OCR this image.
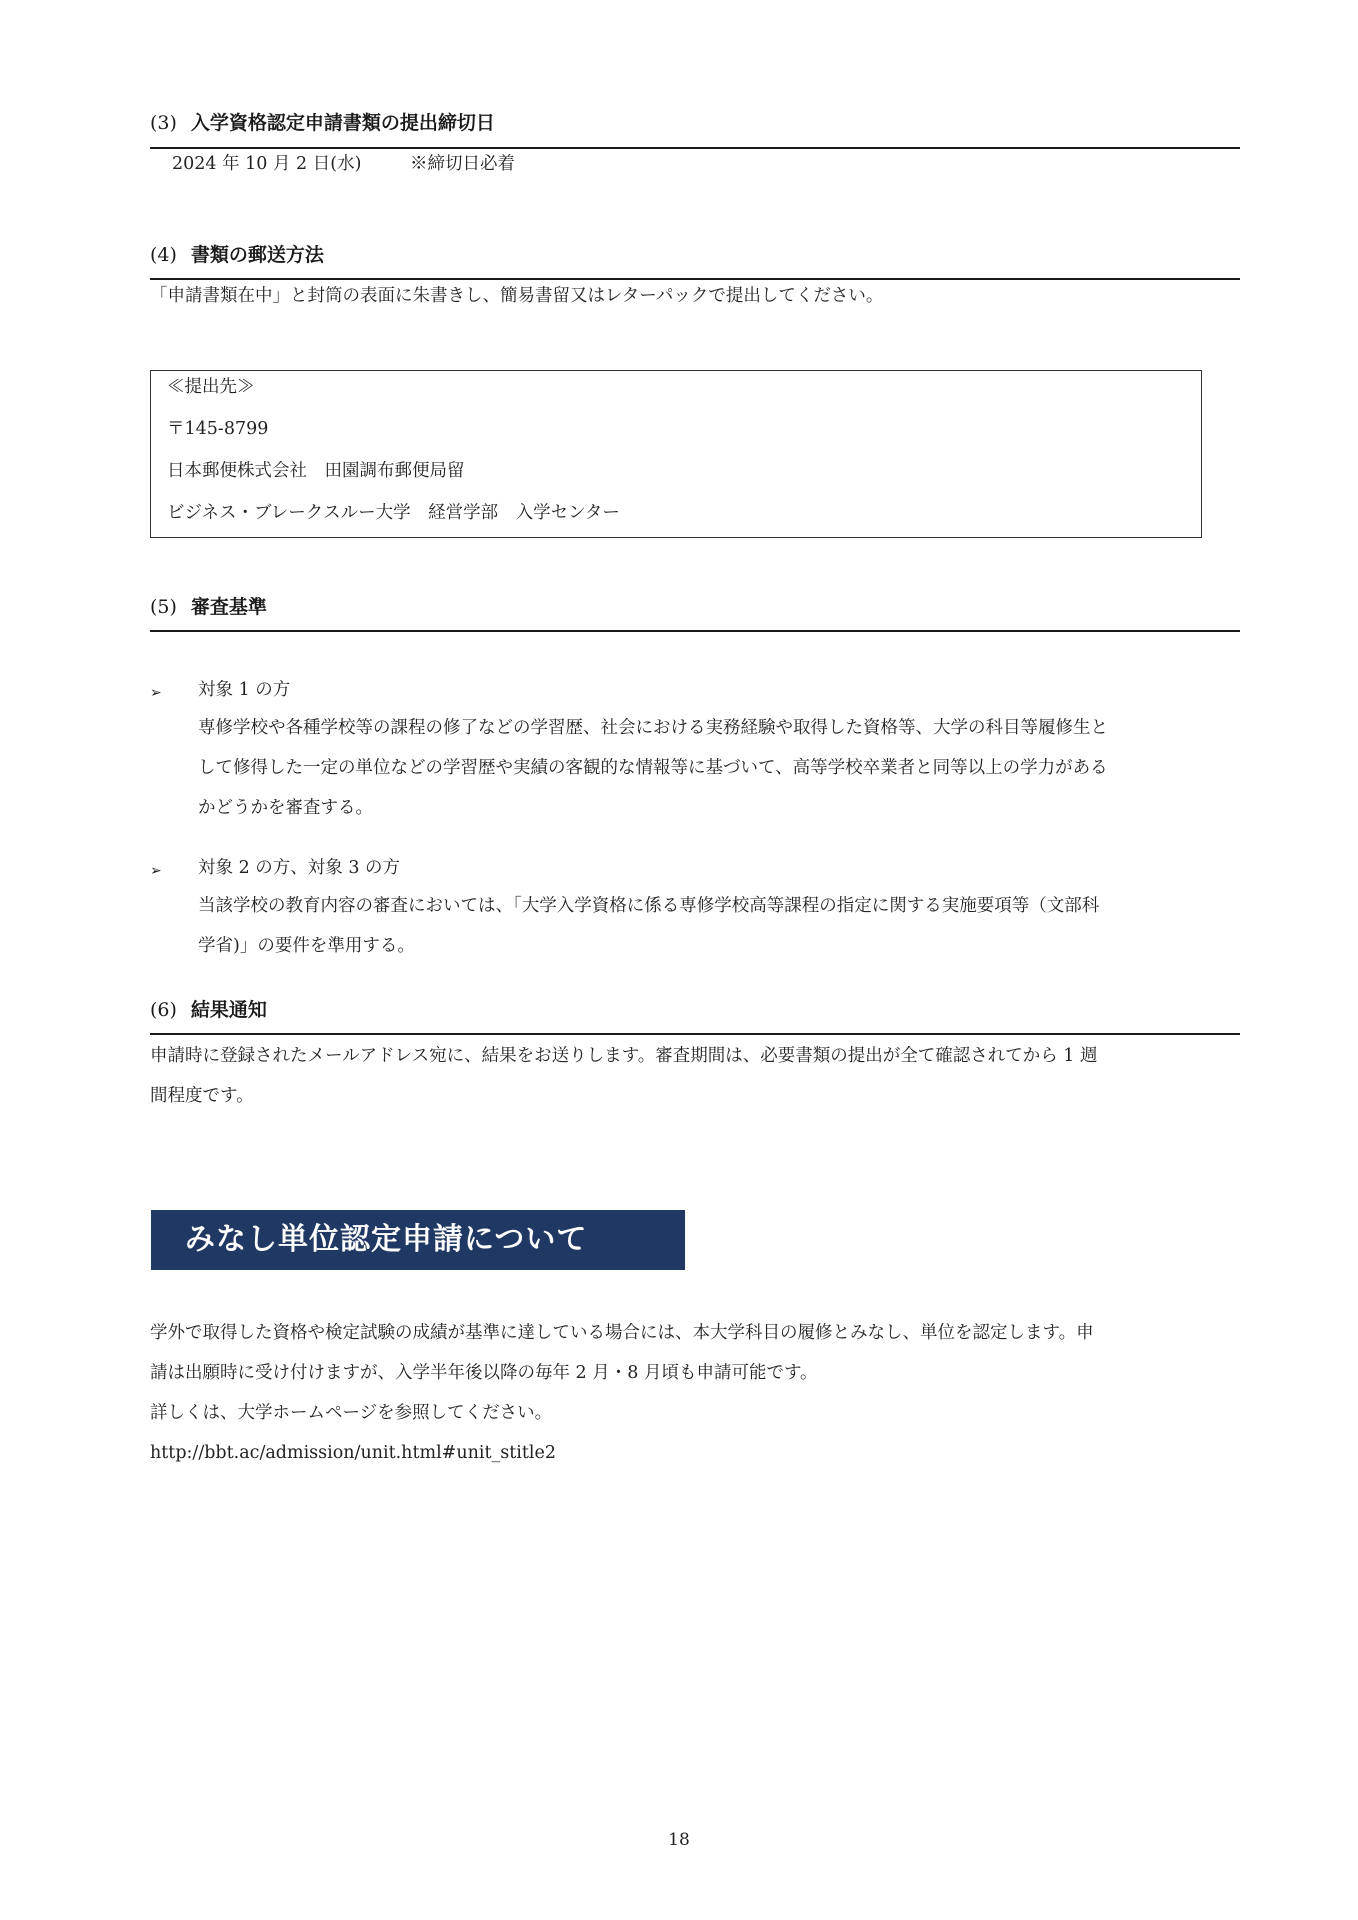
(3) 入学資格認定申請書類の提出締切日
2024 年 10 月 2 日(水)	※締切日必着
(4) 書類の郵送方法
「申請書類在中」と封筒の表面に朱書きし、簡易書留又はレターパックで提出してください。
≪提出先≫
〒145-8799
日本郵便株式会社　田園調布郵便局留
ビジネス・ブレークスルー大学　経営学部　入学センター
(5) 審査基準
➢ 対象 1 の方
専修学校や各種学校等の課程の修了などの学習歴、社会における実務経験や取得した資格等、大学の科目等履修生と
して修得した一定の単位などの学習歴や実績の客観的な情報等に基づいて、高等学校卒業者と同等以上の学力がある
かどうかを審査する。
➢ 対象 2 の方、対象 3 の方
当該学校の教育内容の審査においては、「大学入学資格に係る専修学校高等課程の指定に関する実施要項等（文部科
学省)」の要件を準用する。
(6) 結果通知
申請時に登録されたメールアドレス宛に、結果をお送りします。審査期間は、必要書類の提出が全て確認されてから 1 週
間程度です。
みなし単位認定申請について
学外で取得した資格や検定試験の成績が基準に達している場合には、本大学科目の履修とみなし、単位を認定します。申
請は出願時に受け付けますが、入学半年後以降の毎年 2 月・8 月頃も申請可能です。
詳しくは、大学ホームページを参照してください。
http://bbt.ac/admission/unit.html#unit_stitle2
18
